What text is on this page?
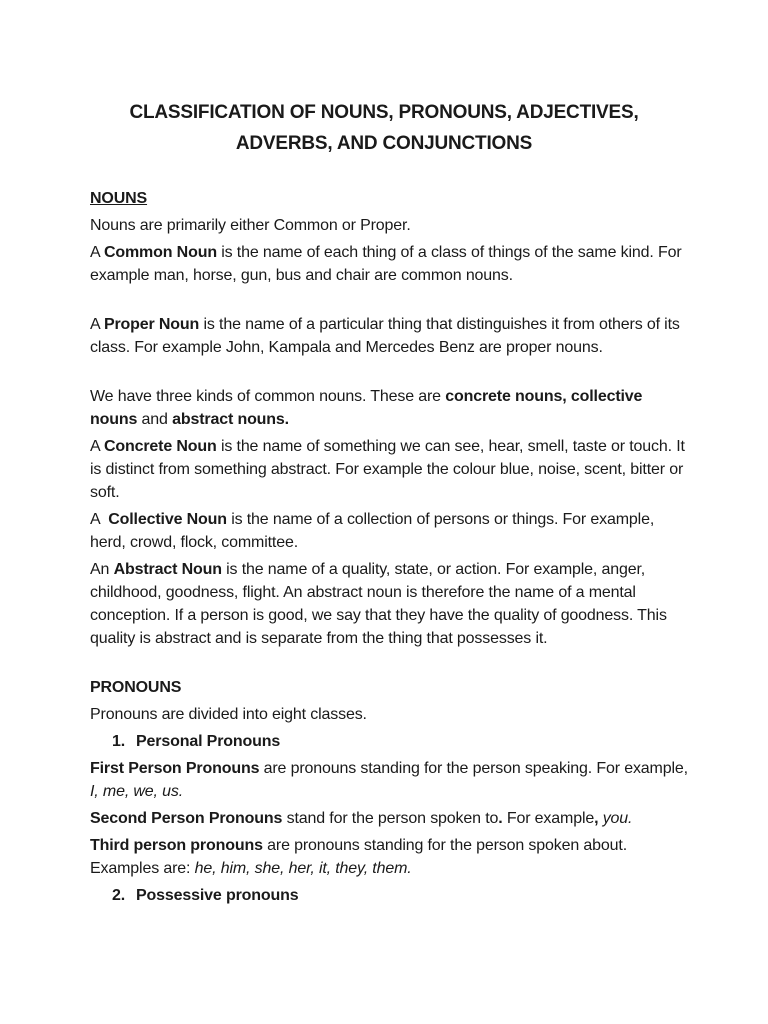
CLASSIFICATION OF NOUNS, PRONOUNS, ADJECTIVES,
ADVERBS, AND CONJUNCTIONS

NOUNS

Nouns are primarily either Common or Proper.

A Common Noun is the name of each thing of a class of things of the same kind. For example man, horse, gun, bus and chair are common nouns.

A Proper Noun is the name of a particular thing that distinguishes it from others of its class. For example John, Kampala and Mercedes Benz are proper nouns.

We have three kinds of common nouns. These are concrete nouns, collective nouns and abstract nouns.

A Concrete Noun is the name of something we can see, hear, smell, taste or touch. It is distinct from something abstract. For example the colour blue, noise, scent, bitter or soft.

A  Collective Noun is the name of a collection of persons or things. For example, herd, crowd, flock, committee.

An Abstract Noun is the name of a quality, state, or action. For example, anger, childhood, goodness, flight. An abstract noun is therefore the name of a mental conception. If a person is good, we say that they have the quality of goodness. This quality is abstract and is separate from the thing that possesses it.

PRONOUNS

Pronouns are divided into eight classes.

1. Personal Pronouns

First Person Pronouns are pronouns standing for the person speaking. For example, I, me, we, us.

Second Person Pronouns stand for the person spoken to. For example, you.

Third person pronouns are pronouns standing for the person spoken about. Examples are: he, him, she, her, it, they, them.

2. Possessive pronouns
